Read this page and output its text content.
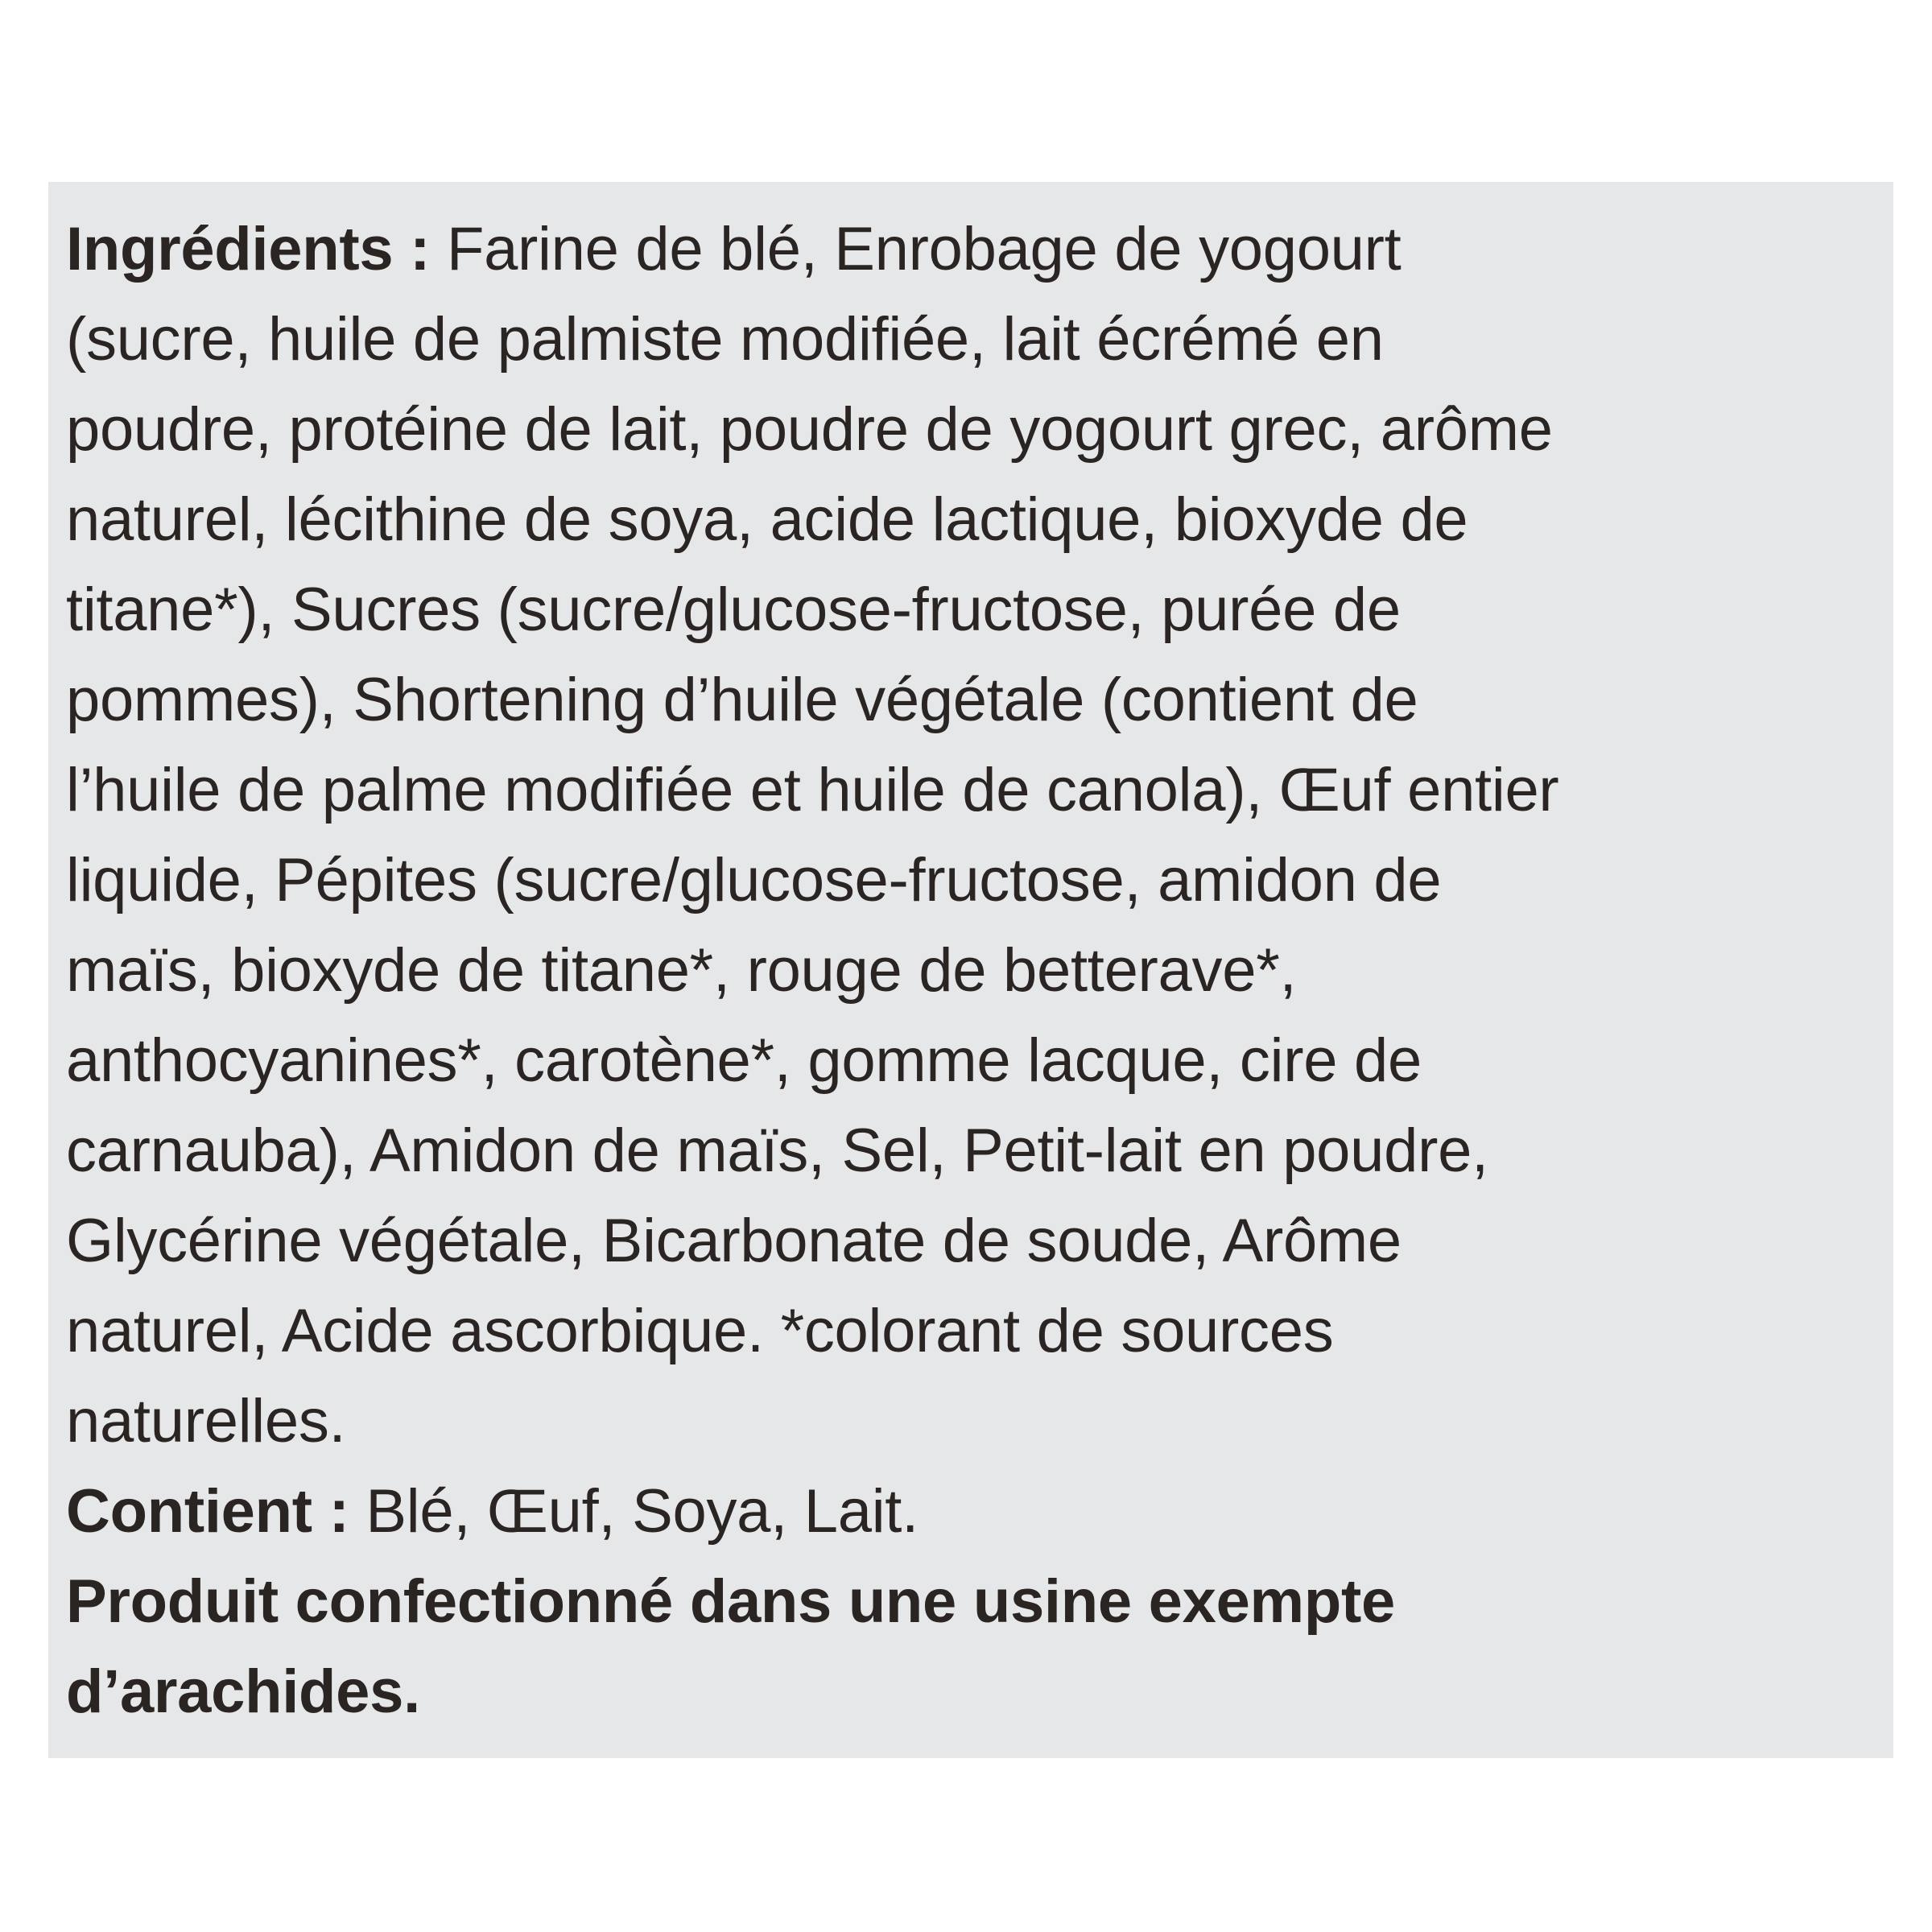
Ingrédients : Farine de blé, Enrobage de yogourt
(sucre, huile de palmiste modifiée, lait écrémé en
poudre, protéine de lait, poudre de yogourt grec, arôme
naturel, lécithine de soya, acide lactique, bioxyde de
titane*), Sucres (sucre/glucose-fructose, purée de
pommes), Shortening d’huile végétale (contient de
l’huile de palme modifiée et huile de canola), Œuf entier
liquide, Pépites (sucre/glucose-fructose, amidon de
maïs, bioxyde de titane*, rouge de betterave*,
anthocyanines*, carotène*, gomme lacque, cire de
carnauba), Amidon de maïs, Sel, Petit-lait en poudre,
Glycérine végétale, Bicarbonate de soude, Arôme
naturel, Acide ascorbique. *colorant de sources
naturelles.
Contient : Blé, Œuf, Soya, Lait.
Produit confectionné dans une usine exempte
d’arachides.
